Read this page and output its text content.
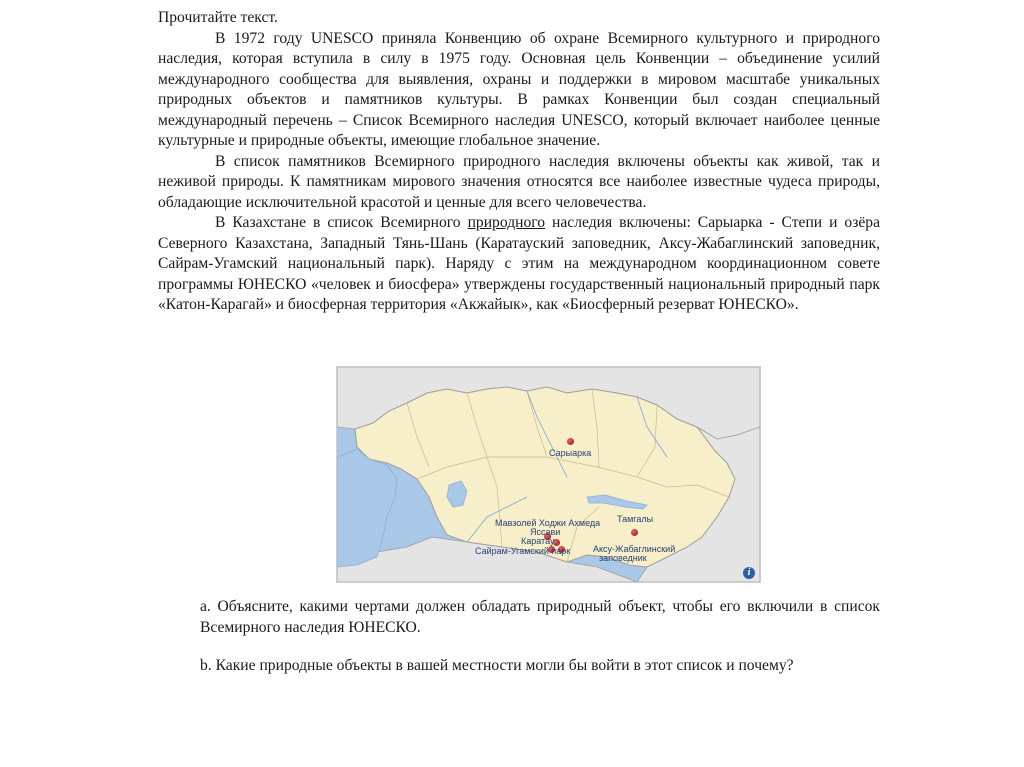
Прочитайте текст.

В 1972 году UNESCO приняла Конвенцию об охране Всемирного культурного и природного наследия, которая вступила в силу в 1975 году. Основная цель Конвенции – объединение усилий международного сообщества для выявления, охраны и поддержки в мировом масштабе уникальных природных объектов и памятников культуры. В рамках Конвенции был создан специальный международный перечень – Список Всемирного наследия UNESCO, который включает наиболее ценные культурные и природные объекты, имеющие глобальное значение.

В список памятников Всемирного природного наследия включены объекты как живой, так и неживой природы. К памятникам мирового значения относятся все наиболее известные чудеса природы, обладающие исключительной красотой и ценные для всего человечества.

В Казахстане в список Всемирного природного наследия включены: Сарыарка - Степи и озёра Северного Казахстана, Западный Тянь-Шань (Каратауский заповедник, Аксу-Жабаглинский заповедник, Сайрам-Угамский национальный парк). Наряду с этим на международном координационном совете программы ЮНЕСКО «человек и биосфера» утверждены государственный национальный природный парк «Катон-Карагай» и биосферная территория «Акжайык», как «Биосферный резерват ЮНЕСКО».

Сарыарка
Тамгалы
Мавзолей Ходжи Ахмеда
Яссави
Каратау
Сайрам-Угамский парк	Аксу-Жабаглинский
заповедник
i

a. Объясните, какими чертами должен обладать природный объект, чтобы его включили в список Всемирного наследия ЮНЕСКО.

b. Какие природные объекты в вашей местности могли бы войти в этот список и почему?
